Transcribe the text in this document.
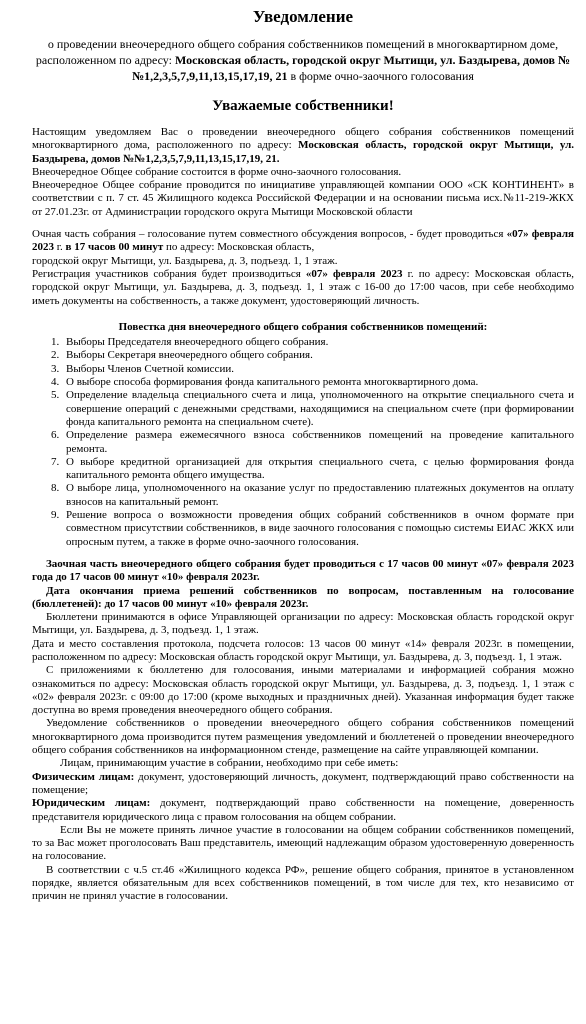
Уведомление

о проведении внеочередного общего собрания собственников помещений в многоквартирном доме, расположенном по адресу: Московская область, городской округ Мытищи, ул. Баздырева, домов №№1,2,3,5,7,9,11,13,15,17,19, 21 в форме очно-заочного голосования

Уважаемые собственники!

Настоящим уведомляем Вас о проведении внеочередного общего собрания собственников помещений многоквартирного дома, расположенного по адресу: Московская область, городской округ Мытищи, ул. Баздырева, домов №№1,2,3,5,7,9,11,13,15,17,19, 21.

Внеочередное Общее собрание состоится в форме очно-заочного голосования.

Внеочередное Общее собрание проводится по инициативе управляющей компании ООО «СК КОНТИНЕНТ» в соответствии с п. 7 ст. 45 Жилищного кодекса Российской Федерации и на основании письма исх.№11-219-ЖКХ от 27.01.23г. от Администрации городского округа Мытищи Московской области

Очная часть собрания – голосование путем совместного обсуждения вопросов, - будет проводиться «07» февраля 2023 г. в 17 часов 00 минут по адресу: Московская область,

городской округ Мытищи, ул. Баздырева, д. 3, подъезд. 1, 1 этаж.

Регистрация участников собрания будет производиться «07» февраля 2023 г. по адресу: Московская область, городской округ Мытищи, ул. Баздырева, д. 3, подъезд. 1, 1 этаж с 16-00 до 17:00 часов, при себе необходимо иметь документы на собственность, а также документ, удостоверяющий личность.

Повестка дня внеочередного общего собрания собственников помещений:

1. Выборы Председателя внеочередного общего собрания.
2. Выборы Секретаря внеочередного общего собрания.
3. Выборы Членов Счетной комиссии.
4. О выборе способа формирования фонда капитального ремонта многоквартирного дома.
5. Определение владельца специального счета и лица, уполномоченного на открытие специального счета и совершение операций с денежными средствами, находящимися на специальном счете (при формировании фонда капитального ремонта на специальном счете).
6. Определение размера ежемесячного взноса собственников помещений на проведение капитального ремонта.
7. О выборе кредитной организацией для открытия специального счета, с целью формирования фонда капитального ремонта общего имущества.
8. О выборе лица, уполномоченного на оказание услуг по предоставлению платежных документов на оплату взносов на капитальный ремонт.
9. Решение вопроса о возможности проведения общих собраний собственников в очном формате при совместном присутствии собственников, в виде заочного голосования с помощью системы ЕИАС ЖКХ или опросным путем, а также в форме очно-заочного голосования.

Заочная часть внеочередного общего собрания будет проводиться с 17 часов 00 минут «07» февраля 2023 года до 17 часов 00 минут «10» февраля 2023г.

Дата окончания приема решений собственников по вопросам, поставленным на голосование (бюллетеней): до 17 часов 00 минут «10» февраля 2023г.

Бюллетени принимаются в офисе Управляющей организации по адресу: Московская область городской округ Мытищи, ул. Баздырева, д. 3, подъезд. 1, 1 этаж.

Дата и место составления протокола, подсчета голосов: 13 часов 00 минут «14» февраля 2023г. в помещении, расположенном по адресу: Московская область городской округ Мытищи, ул. Баздырева, д. 3, подъезд. 1, 1 этаж.

С приложениями к бюллетеню для голосования, иными материалами и информацией собрания можно ознакомиться по адресу: Московская область городской округ Мытищи, ул. Баздырева, д. 3, подъезд. 1, 1 этаж с «02» февраля 2023г. с 09:00 до 17:00 (кроме выходных и праздничных дней). Указанная информация будет также доступна во время проведения внеочередного общего собрания.

Уведомление собственников о проведении внеочередного общего собрания собственников помещений многоквартирного дома производится путем размещения уведомлений и бюллетеней о проведении внеочередного общего собрания собственников на информационном стенде, размещение на сайте управляющей компании.

Лицам, принимающим участие в собрании, необходимо при себе иметь:

Физическим лицам: документ, удостоверяющий личность, документ, подтверждающий право собственности на помещение;

Юридическим лицам: документ, подтверждающий право собственности на помещение, доверенность представителя юридического лица с правом голосования на общем собрании.

Если Вы не можете принять личное участие в голосовании на общем собрании собственников помещений, то за Вас может проголосовать Ваш представитель, имеющий надлежащим образом удостоверенную доверенность на голосование.

В соответствии с ч.5 ст.46 «Жилищного кодекса РФ», решение общего собрания, принятое в установленном порядке, является обязательным для всех собственников помещений, в том числе для тех, кто независимо от причин не принял участие в голосовании.
